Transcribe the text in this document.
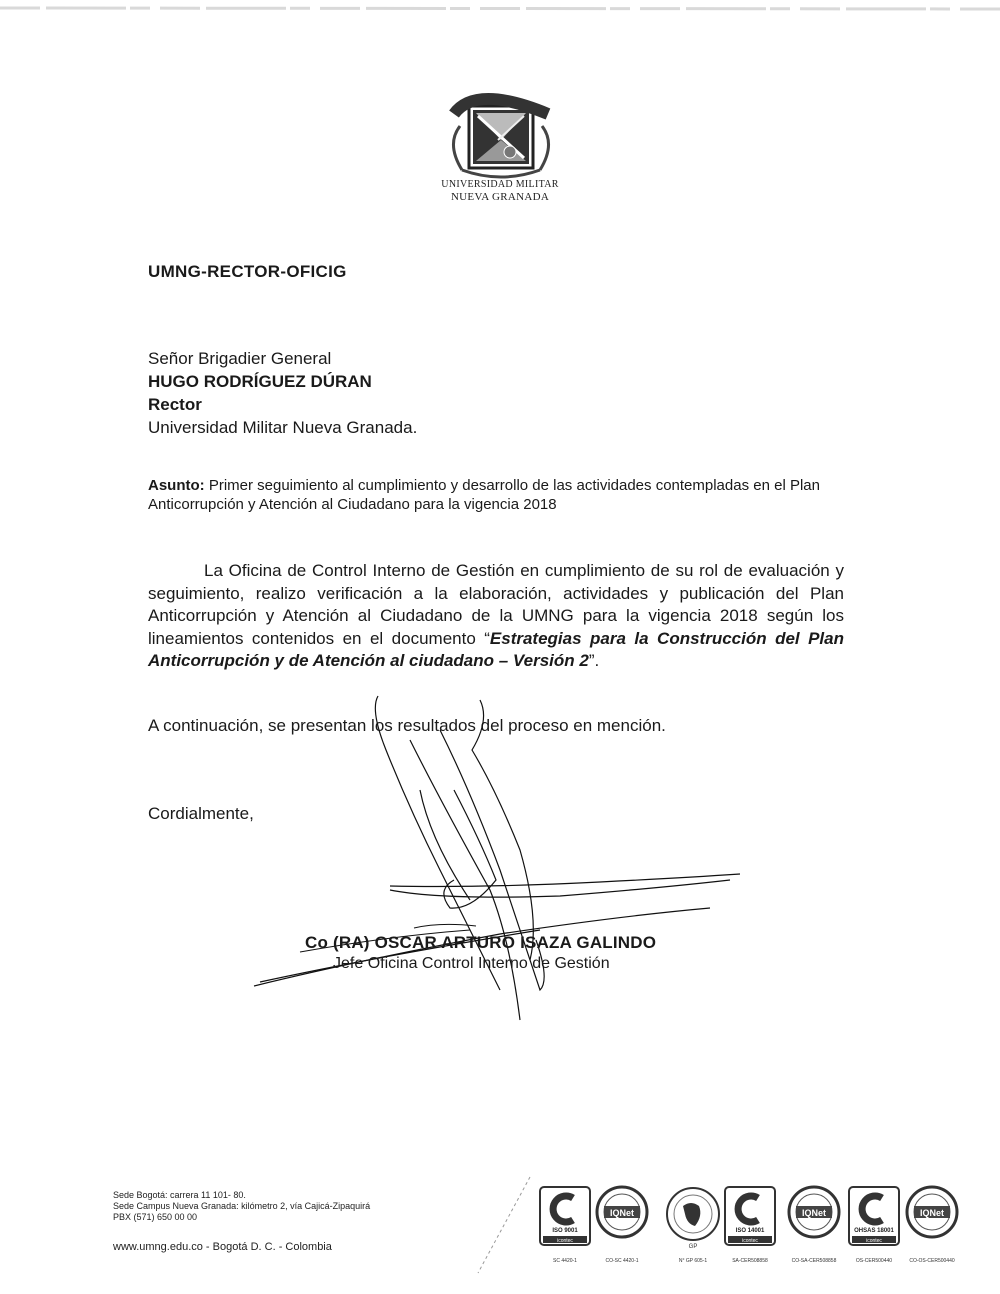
UNIVERSIDAD MILITAR
NUEVA GRANADA
UMNG-RECTOR-OFICIG
Señor Brigadier General
HUGO RODRÍGUEZ DÚRAN
Rector
Universidad Militar Nueva Granada.
Asunto: Primer seguimiento al cumplimiento y desarrollo de las actividades contempladas en el Plan Anticorrupción y Atención al Ciudadano para la vigencia 2018
La Oficina de Control Interno de Gestión en cumplimiento de su rol de evaluación y seguimiento, realizo verificación a la elaboración, actividades y publicación del Plan Anticorrupción y Atención al Ciudadano de la UMNG para la vigencia 2018 según los lineamientos contenidos en el documento “Estrategias para la Construcción del Plan Anticorrupción y de Atención al ciudadano – Versión 2”.
A continuación, se presentan los resultados del proceso en mención.
Cordialmente,
Co (RA) OSCAR ARTURO ISAZA GALINDO
Jefe Oficina Control Interno de Gestión
Sede Bogotá: carrera 11 101- 80.
Sede Campus Nueva Granada: kilómetro 2, vía Cajicá-Zipaquirá
PBX (571) 650 00 00
www.umng.edu.co - Bogotá D. C. - Colombia
ISO 9001
icontec
SC 4420-1
IQNet
CO-SC 4420-1
GP
N° GP 605-1
ISO 14001
icontec
SA-CER508858
IQNet
CO-SA-CER508858
OHSAS 18001
icontec
OS-CER500440
IQNet
CO-OS-CER500440
